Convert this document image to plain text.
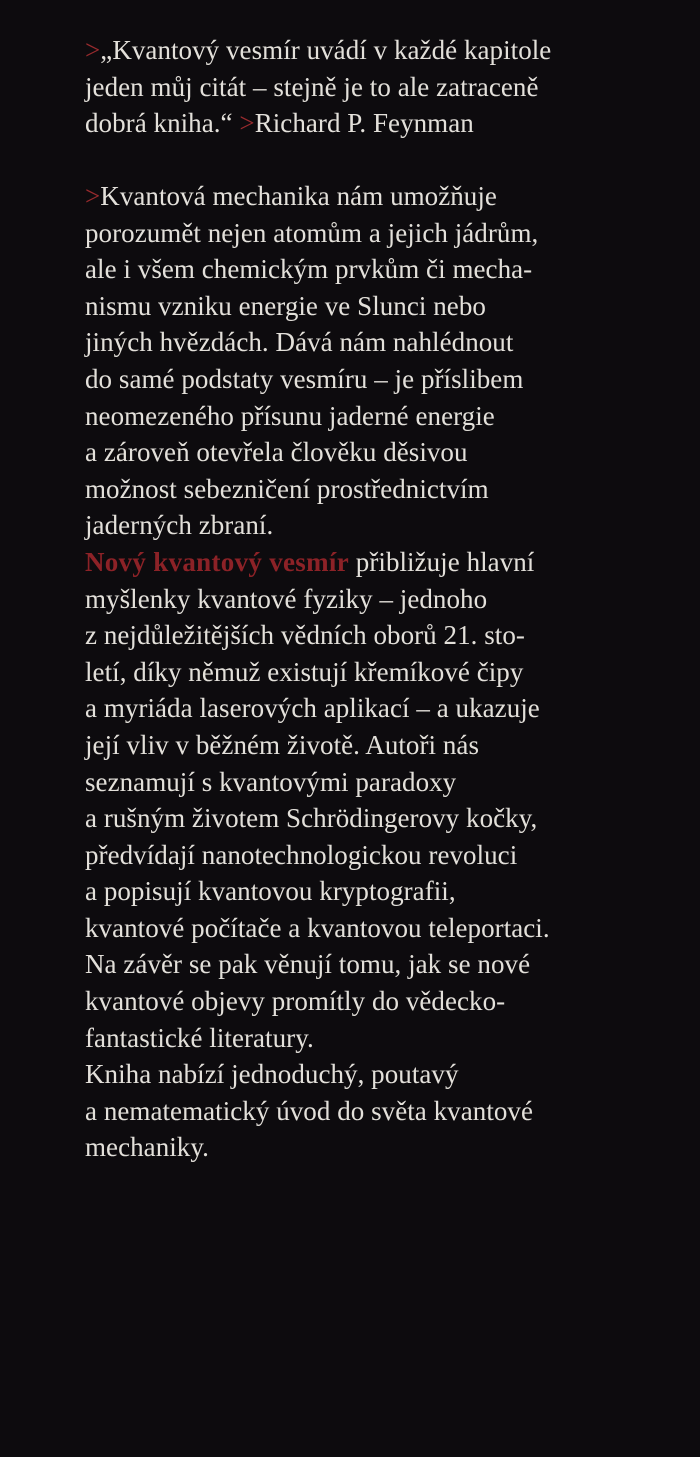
>„Kvantový vesmír uvádí v každé kapitole
jeden můj citát – stejně je to ale zatraceně
dobrá kniha.“ >Richard P. Feynman
>Kvantová mechanika nám umožňuje
porozumět nejen atomům a jejich jádrům,
ale i všem chemickým prvkům či mecha-
nismu vzniku energie ve Slunci nebo
jiných hvězdách. Dává nám nahlédnout
do samé podstaty vesmíru – je příslibem
neomezeného přísunu jaderné energie
a zároveň otevřela člověku děsivou
možnost sebezničení prostřednictvím
jaderných zbraní.
Nový kvantový vesmír přibližuje hlavní
myšlenky kvantové fyziky – jednoho
z nejdůležitějších vědních oborů 21. sto-
letí, díky němuž existují křemíkové čipy
a myriáda laserových aplikací – a ukazuje
její vliv v běžném životě. Autoři nás
seznamují s kvantovými paradoxy
a rušným životem Schrödingerovy kočky,
předvídají nanotechnologickou revoluci
a popisují kvantovou kryptografii,
kvantové počítače a kvantovou teleportaci.
Na závěr se pak věnují tomu, jak se nové
kvantové objevy promítly do vědecko-
fantastické literatury.
Kniha nabízí jednoduchý, poutavý
a nematematický úvod do světa kvantové
mechaniky.
